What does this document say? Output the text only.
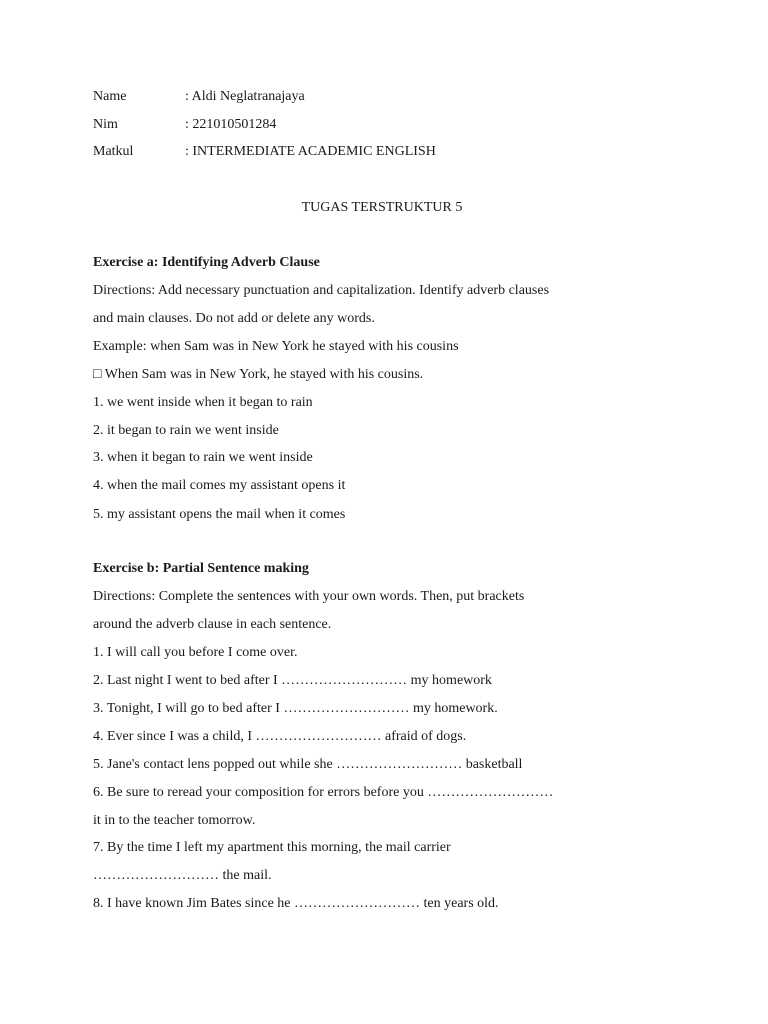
Name	: Aldi Neglatranajaya
Nim	: 221010501284
Matkul	: INTERMEDIATE ACADEMIC ENGLISH
TUGAS TERSTRUKTUR 5
Exercise a: Identifying Adverb Clause
Directions: Add necessary punctuation and capitalization. Identify adverb clauses
and main clauses. Do not add or delete any words.
Example: when Sam was in New York he stayed with his cousins
□ When Sam was in New York, he stayed with his cousins.
1. we went inside when it began to rain
2. it began to rain we went inside
3. when it began to rain we went inside
4. when the mail comes my assistant opens it
5. my assistant opens the mail when it comes
Exercise b: Partial Sentence making
Directions: Complete the sentences with your own words. Then, put brackets
around the adverb clause in each sentence.
1. I will call you before I come over.
2. Last night I went to bed after I ……………………… my homework
3. Tonight, I will go to bed after I ……………………… my homework.
4. Ever since I was a child, I ……………………… afraid of dogs.
5. Jane's contact lens popped out while she ……………………… basketball
6. Be sure to reread your composition for errors before you ………………………
it in to the teacher tomorrow.
7. By the time I left my apartment this morning, the mail carrier
……………………… the mail.
8. I have known Jim Bates since he ……………………… ten years old.
